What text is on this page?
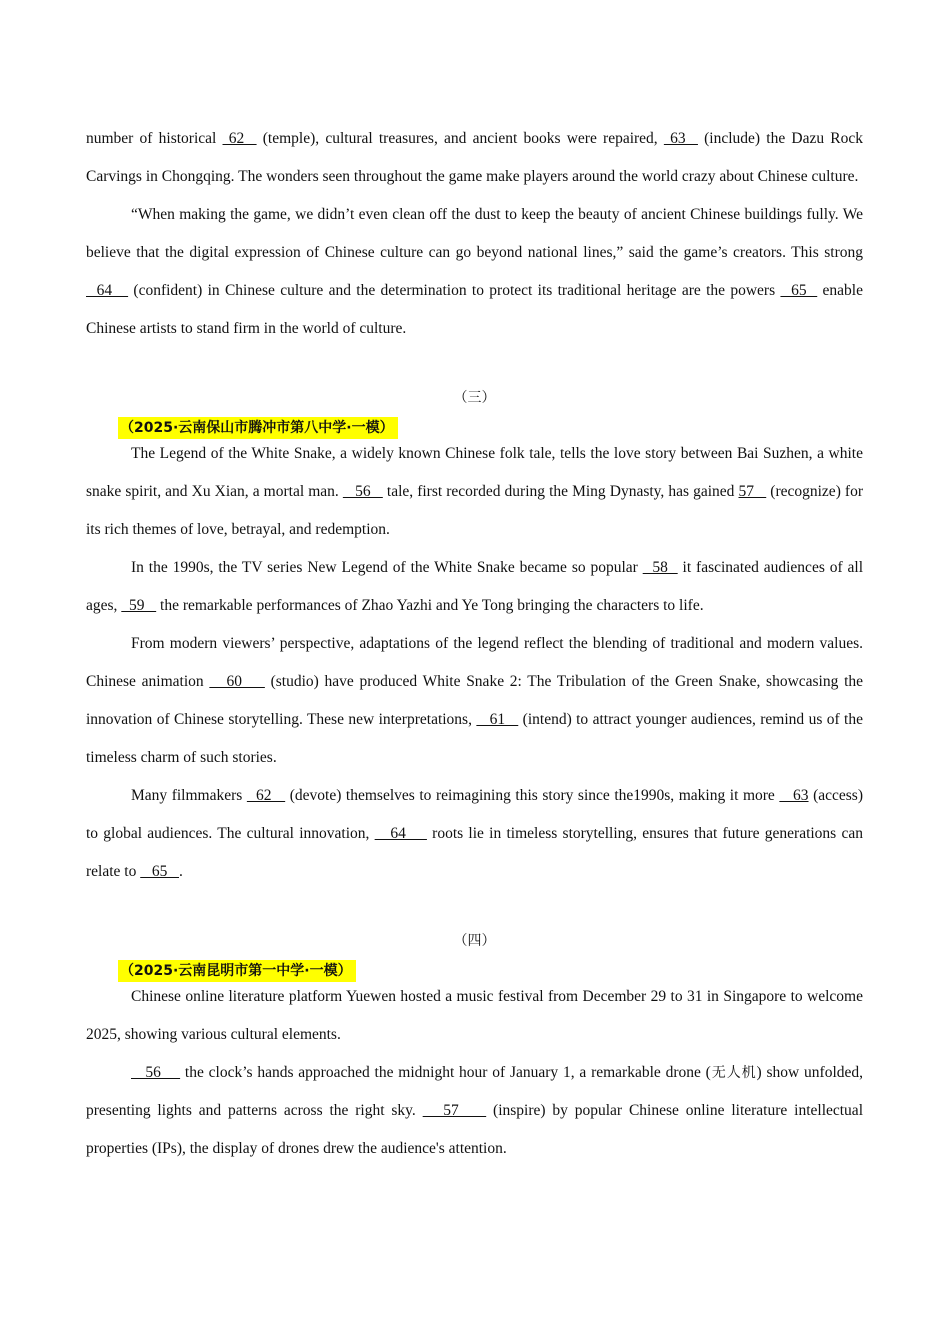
number of historical  62   (temple), cultural treasures, and ancient books were repaired,  63   (include) the Dazu Rock Carvings in Chongqing. The wonders seen throughout the game make players around the world crazy about Chinese culture.

“When making the game, we didn’t even clean off the dust to keep the beauty of ancient Chinese buildings fully. We believe that the digital expression of Chinese culture can go beyond national lines,” said the game’s creators. This strong   64    (confident) in Chinese culture and the determination to protect its traditional heritage are the powers   65   enable Chinese artists to stand firm in the world of culture.

（三）

（2025·云南保山市腾冲市第八中学·一模）

The Legend of the White Snake, a widely known Chinese folk tale, tells the love story between Bai Suzhen, a white snake spirit, and Xu Xian, a mortal man.    56    tale, first recorded during the Ming Dynasty, has gained 57    (recognize) for its rich themes of love, betrayal, and redemption.

In the 1990s, the TV series New Legend of the White Snake became so popular   58   it fascinated audiences of all ages,   59    the remarkable performances of Zhao Yazhi and Ye Tong bringing the characters to life.

From modern viewers’ perspective, adaptations of the legend reflect the blending of traditional and modern values. Chinese animation    60     (studio) have produced White Snake 2: The Tribulation of the Green Snake, showcasing the innovation of Chinese storytelling. These new interpretations,    61    (intend) to attract younger audiences, remind us of the timeless charm of such stories.

Many filmmakers   62    (devote) themselves to reimagining this story since the1990s, making it more    63 (access) to global audiences. The cultural innovation,    64     roots lie in timeless storytelling, ensures that future generations can relate to    65   .

（四）

（2025·云南昆明市第一中学·一模）

Chinese online literature platform Yuewen hosted a music festival from December 29 to 31 in Singapore to welcome 2025, showing various cultural elements.

56     the clock’s hands approached the midnight hour of January 1, a remarkable drone (无人机) show unfolded, presenting lights and patterns across the right sky.    57     (inspire) by popular Chinese online literature intellectual properties (IPs), the display of drones drew the audience's attention.
